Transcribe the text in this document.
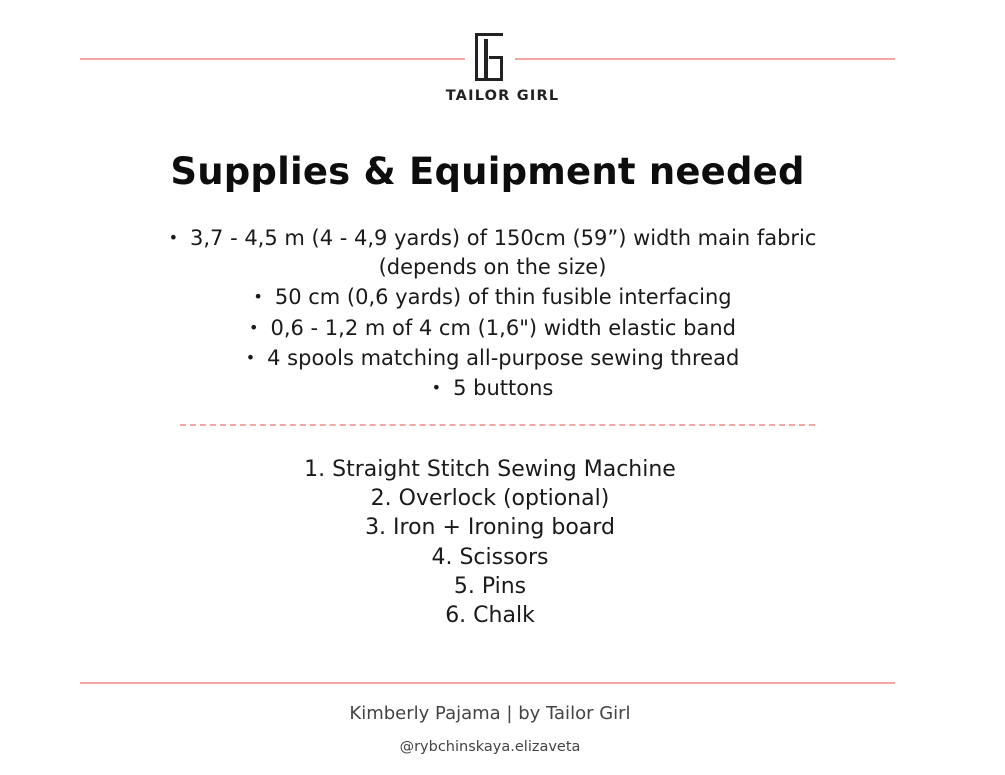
TAILOR GIRL
Supplies & Equipment needed
• 3,7 - 4,5 m (4 - 4,9 yards) of 150cm (59”) width main fabric
(depends on the size)
• 50 cm (0,6 yards) of thin fusible interfacing
• 0,6 - 1,2 m of 4 cm (1,6") width elastic band
• 4 spools matching all-purpose sewing thread
• 5 buttons
1. Straight Stitch Sewing Machine
2. Overlock (optional)
3. Iron + Ironing board
4. Scissors
5. Pins
6. Chalk
Kimberly Pajama | by Tailor Girl
@rybchinskaya.elizaveta
